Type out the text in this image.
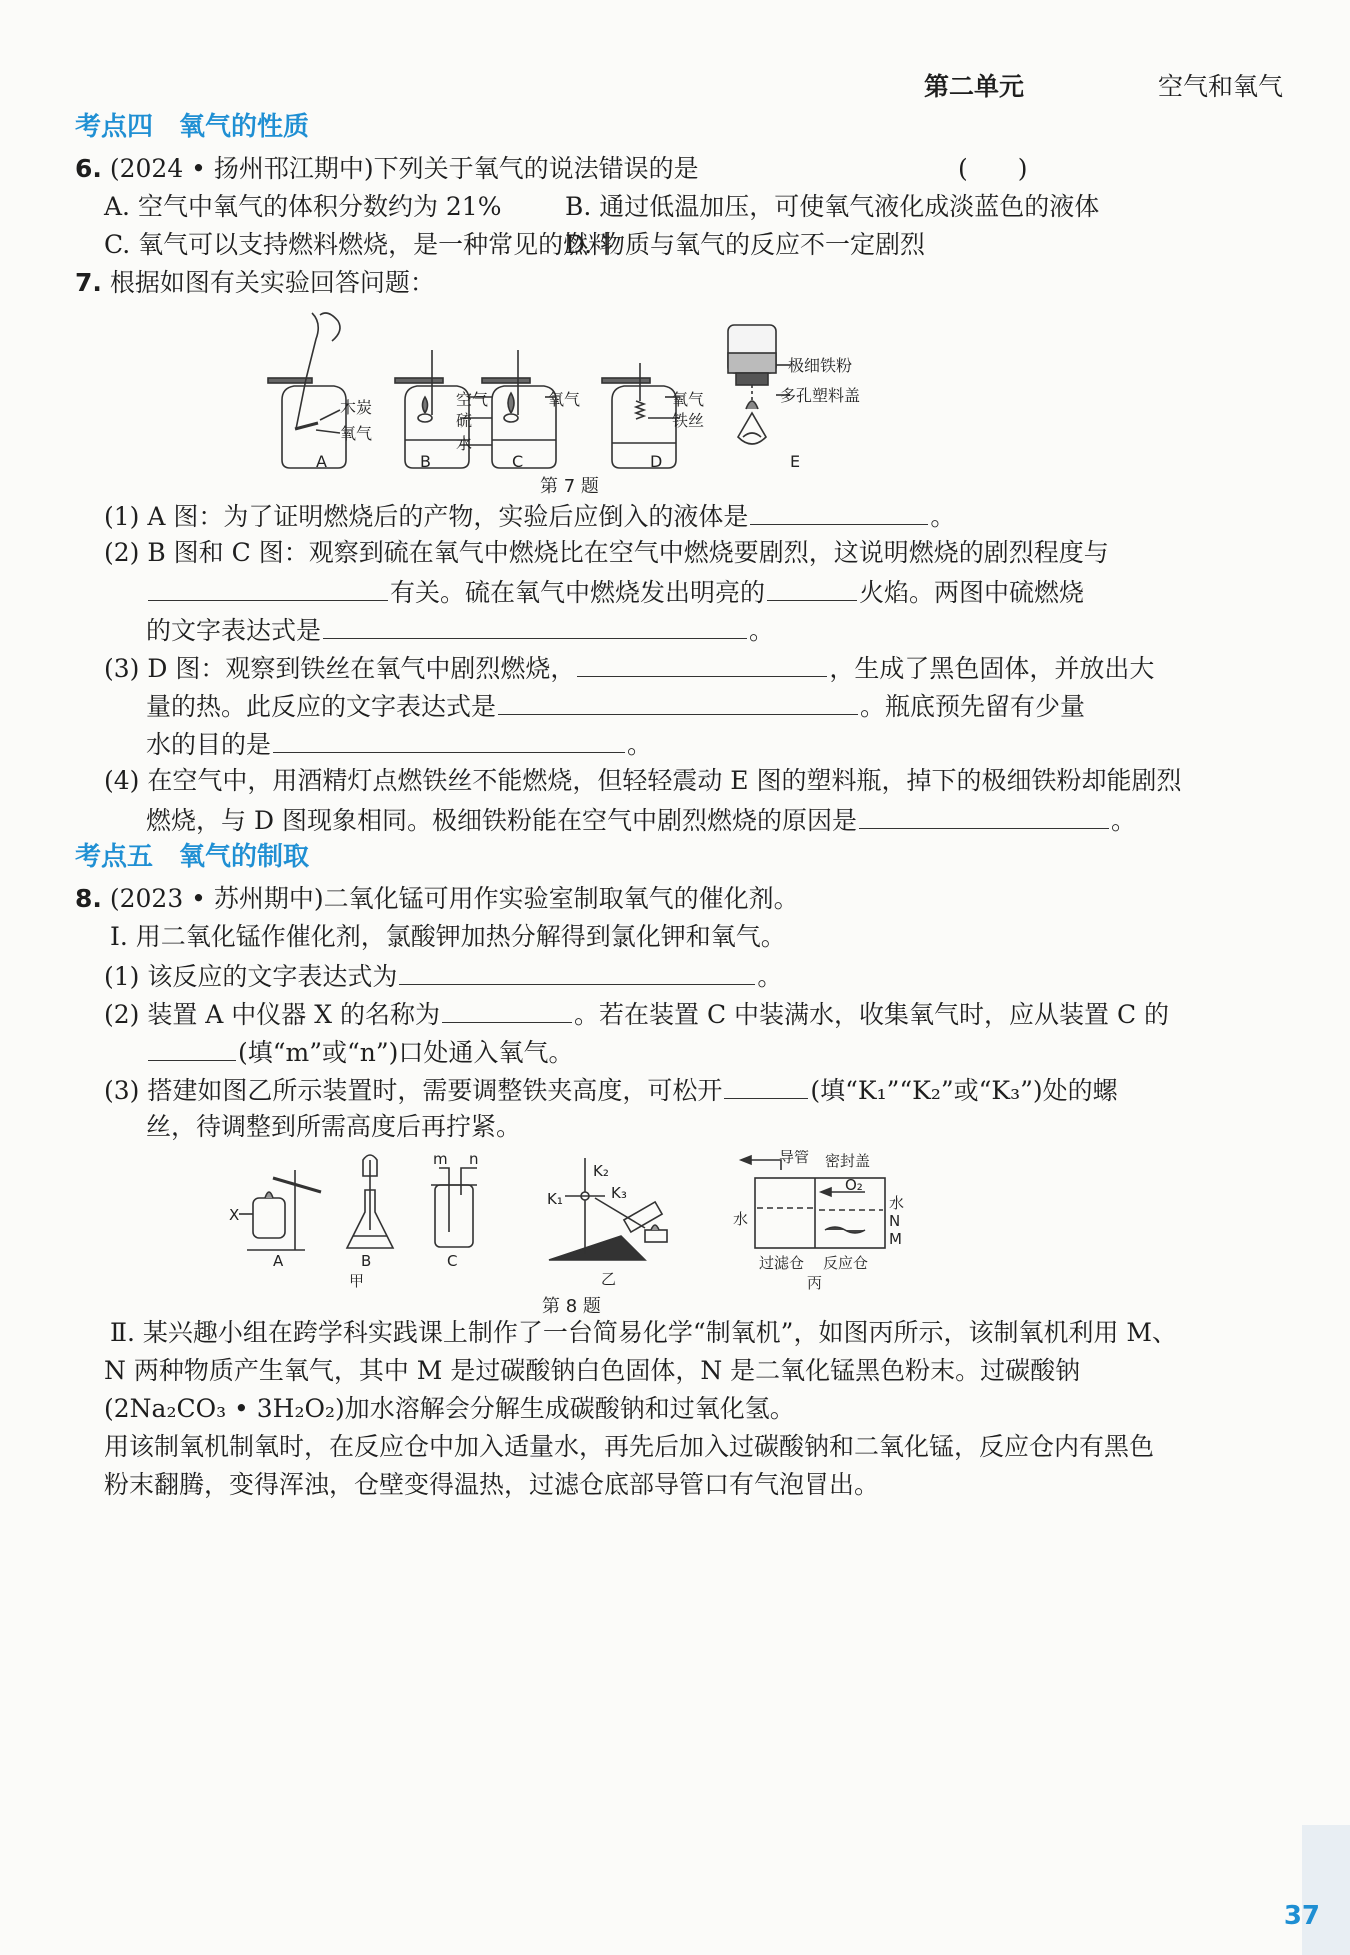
第二单元	空气和氧气
考点四　氧气的性质
6. (2024 • 扬州邗江期中)下列关于氧气的说法错误的是	(　　)
A. 空气中氧气的体积分数约为 21%	B. 通过低温加压，可使氧气液化成淡蓝色的液体
C. 氧气可以支持燃料燃烧，是一种常见的燃料
D. 物质与氧气的反应不一定剧烈
7. 根据如图有关实验回答问题：
木炭
氧气
空气
硫
水
氧气	氧气
铁丝
极细铁粉
多孔塑料盖
A	B	C	D	E
第 7 题
(1) A 图：为了证明燃烧后的产物，实验后应倒入的液体是	。
(2) B 图和 C 图：观察到硫在氧气中燃烧比在空气中燃烧要剧烈，这说明燃烧的剧烈程度与
有关。硫在氧气中燃烧发出明亮的	火焰。两图中硫燃烧
的文字表达式是	。
(3) D 图：观察到铁丝在氧气中剧烈燃烧，	，生成了黑色固体，并放出大
量的热。此反应的文字表达式是	。瓶底预先留有少量
水的目的是	。
(4) 在空气中，用酒精灯点燃铁丝不能燃烧，但轻轻震动 E 图的塑料瓶，掉下的极细铁粉却能剧烈
燃烧，与 D 图现象相同。极细铁粉能在空气中剧烈燃烧的原因是	。
考点五　氧气的制取
8. (2023 • 苏州期中)二氧化锰可用作实验室制取氧气的催化剂。
Ⅰ. 用二氧化锰作催化剂，氯酸钾加热分解得到氯化钾和氧气。
(1) 该反应的文字表达式为	。
(2) 装置 A 中仪器 X 的名称为	。若在装置 C 中装满水，收集氧气时，应从装置 C 的
(填“m”或“n”)口处通入氧气。
(3) 搭建如图乙所示装置时，需要调整铁夹高度，可松开	(填“K₁”“K₂”或“K₃”)处的螺
丝，待调整到所需高度后再拧紧。
X
A	B	C
m n
甲
K₁
K₂
K₃
乙
导管 密封盖
O₂
水
N
M
水
过滤仓 反应仓
丙
第 8 题
Ⅱ. 某兴趣小组在跨学科实践课上制作了一台简易化学“制氧机”，如图丙所示，该制氧机利用 M、
N 两种物质产生氧气，其中 M 是过碳酸钠白色固体，N 是二氧化锰黑色粉末。过碳酸钠
(2Na₂CO₃ • 3H₂O₂)加水溶解会分解生成碳酸钠和过氧化氢。
用该制氧机制氧时，在反应仓中加入适量水，再先后加入过碳酸钠和二氧化锰，反应仓内有黑色
粉末翻腾，变得浑浊，仓壁变得温热，过滤仓底部导管口有气泡冒出。
37
